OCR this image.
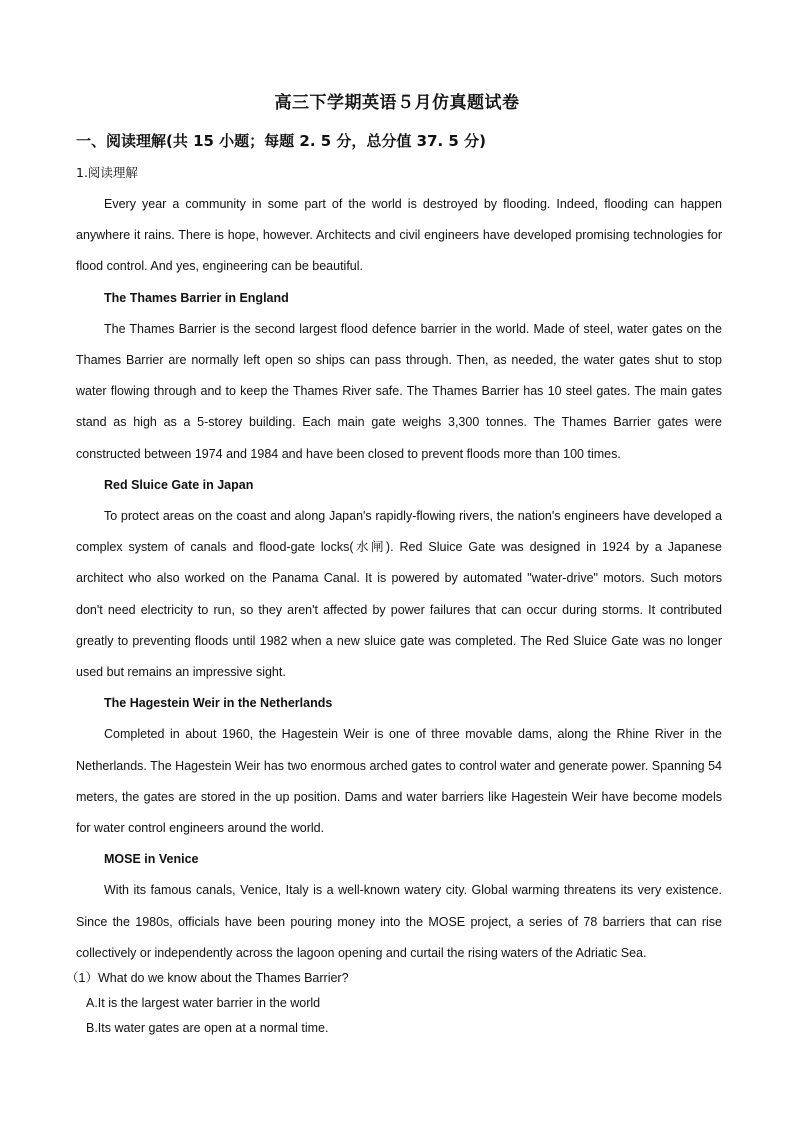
高三下学期英语５月仿真题试卷
一、阅读理解(共 15 小题；每题 2. 5 分，总分值 37. 5 分)
1.阅读理解

Every year a community in some part of the world is destroyed by flooding. Indeed, flooding can happen anywhere it rains. There is hope, however. Architects and civil engineers have developed promising technologies for flood control. And yes, engineering can be beautiful.

The Thames Barrier in England

The Thames Barrier is the second largest flood defence barrier in the world. Made of steel, water gates on the Thames Barrier are normally left open so ships can pass through. Then, as needed, the water gates shut to stop water flowing through and to keep the Thames River safe. The Thames Barrier has 10 steel gates. The main gates stand as high as a 5-storey building. Each main gate weighs 3,300 tonnes. The Thames Barrier gates were constructed between 1974 and 1984 and have been closed to prevent floods more than 100 times.

Red Sluice Gate in Japan

To protect areas on the coast and along Japan's rapidly-flowing rivers, the nation's engineers have developed a complex system of canals and flood-gate locks(水闸). Red Sluice Gate was designed in 1924 by a Japanese architect who also worked on the Panama Canal. It is powered by automated "water-drive" motors. Such motors don't need electricity to run, so they aren't affected by power failures that can occur during storms. It contributed greatly to preventing floods until 1982 when a new sluice gate was completed. The Red Sluice Gate was no longer used but remains an impressive sight.

The Hagestein Weir in the Netherlands

Completed in about 1960, the Hagestein Weir is one of three movable dams, along the Rhine River in the Netherlands. The Hagestein Weir has two enormous arched gates to control water and generate power. Spanning 54 meters, the gates are stored in the up position. Dams and water barriers like Hagestein Weir have become models for water control engineers around the world.

MOSE in Venice

With its famous canals, Venice, Italy is a well-known watery city. Global warming threatens its very existence. Since the 1980s, officials have been pouring money into the MOSE project, a series of 78 barriers that can rise collectively or independently across the lagoon opening and curtail the rising waters of the Adriatic Sea.

（1）What do we know about the Thames Barrier?

A.It is the largest water barrier in the world

B.Its water gates are open at a normal time.
